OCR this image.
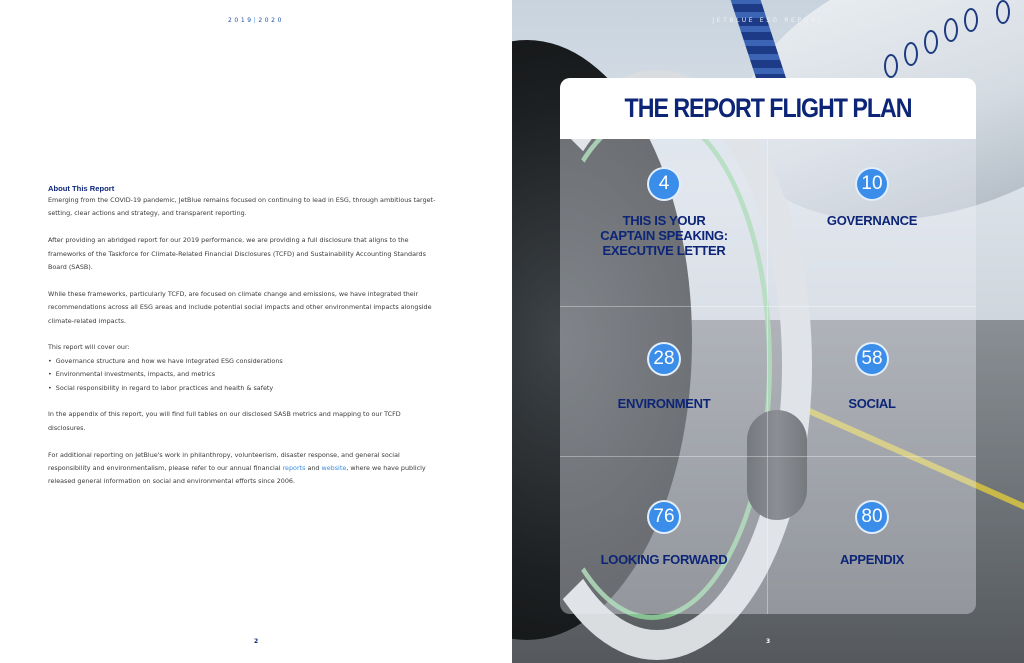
2019|2020
About This Report

Emerging from the COVID-19 pandemic, JetBlue remains focused on continuing to lead in ESG, through ambitious target-setting, clear actions and strategy, and transparent reporting.

After providing an abridged report for our 2019 performance, we are providing a full disclosure that aligns to the frameworks of the Taskforce for Climate-Related Financial Disclosures (TCFD) and Sustainability Accounting Standards Board (SASB).

While these frameworks, particularly TCFD, are focused on climate change and emissions, we have integrated their recommendations across all ESG areas and include potential social impacts and other environmental impacts alongside climate-related impacts.

This report will cover our:
• Governance structure and how we have integrated ESG considerations
• Environmental investments, impacts, and metrics
• Social responsibility in regard to labor practices and health & safety

In the appendix of this report, you will find full tables on our disclosed SASB metrics and mapping to our TCFD disclosures.

For additional reporting on JetBlue's work in philanthropy, volunteerism, disaster response, and general social responsibility and environmentalism, please refer to our annual financial reports and website, where we have publicly released general information on social and environmental efforts since 2006.

2
JETBLUE ESG REPORT
THE REPORT FLIGHT PLAN
4
THIS IS YOUR CAPTAIN SPEAKING: EXECUTIVE LETTER
10
GOVERNANCE
28
ENVIRONMENT
58
SOCIAL
76
LOOKING FORWARD
80
APPENDIX
3
